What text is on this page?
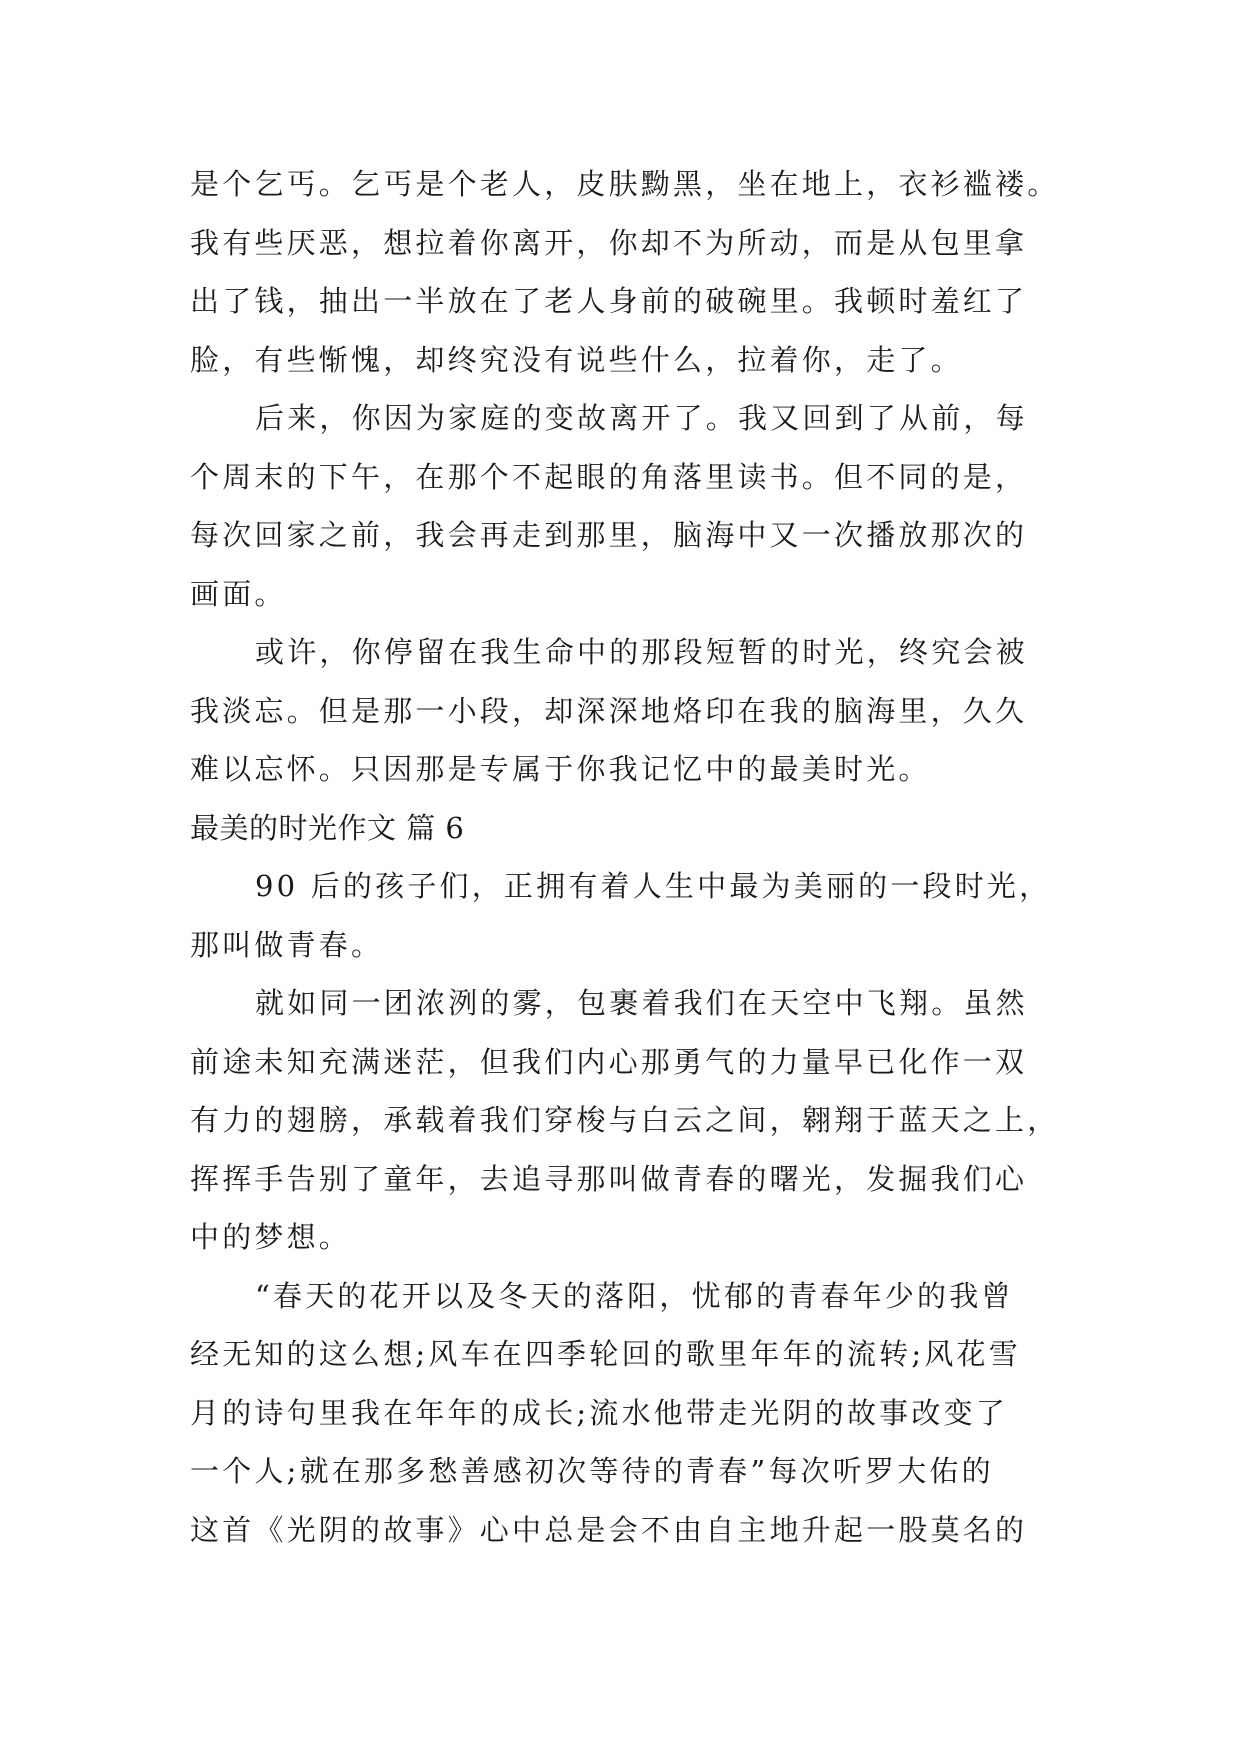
是个乞丐。乞丐是个老人，皮肤黝黑，坐在地上，衣衫褴褛。
我有些厌恶，想拉着你离开，你却不为所动，而是从包里拿
出了钱，抽出一半放在了老人身前的破碗里。我顿时羞红了
脸，有些惭愧，却终究没有说些什么，拉着你，走了。
后来，你因为家庭的变故离开了。我又回到了从前，每
个周末的下午，在那个不起眼的角落里读书。但不同的是，
每次回家之前，我会再走到那里，脑海中又一次播放那次的
画面。
或许，你停留在我生命中的那段短暂的时光，终究会被
我淡忘。但是那一小段，却深深地烙印在我的脑海里，久久
难以忘怀。只因那是专属于你我记忆中的最美时光。
最美的时光作文 篇 6
90 后的孩子们，正拥有着人生中最为美丽的一段时光，
那叫做青春。
就如同一团浓洌的雾，包裹着我们在天空中飞翔。虽然
前途未知充满迷茫，但我们内心那勇气的力量早已化作一双
有力的翅膀，承载着我们穿梭与白云之间，翱翔于蓝天之上，
挥挥手告别了童年，去追寻那叫做青春的曙光，发掘我们心
中的梦想。
“春天的花开以及冬天的落阳，忧郁的青春年少的我曾
经无知的这么想;风车在四季轮回的歌里年年的流转;风花雪
月的诗句里我在年年的成长;流水他带走光阴的故事改变了
一个人;就在那多愁善感初次等待的青春”每次听罗大佑的
这首《光阴的故事》心中总是会不由自主地升起一股莫名的
